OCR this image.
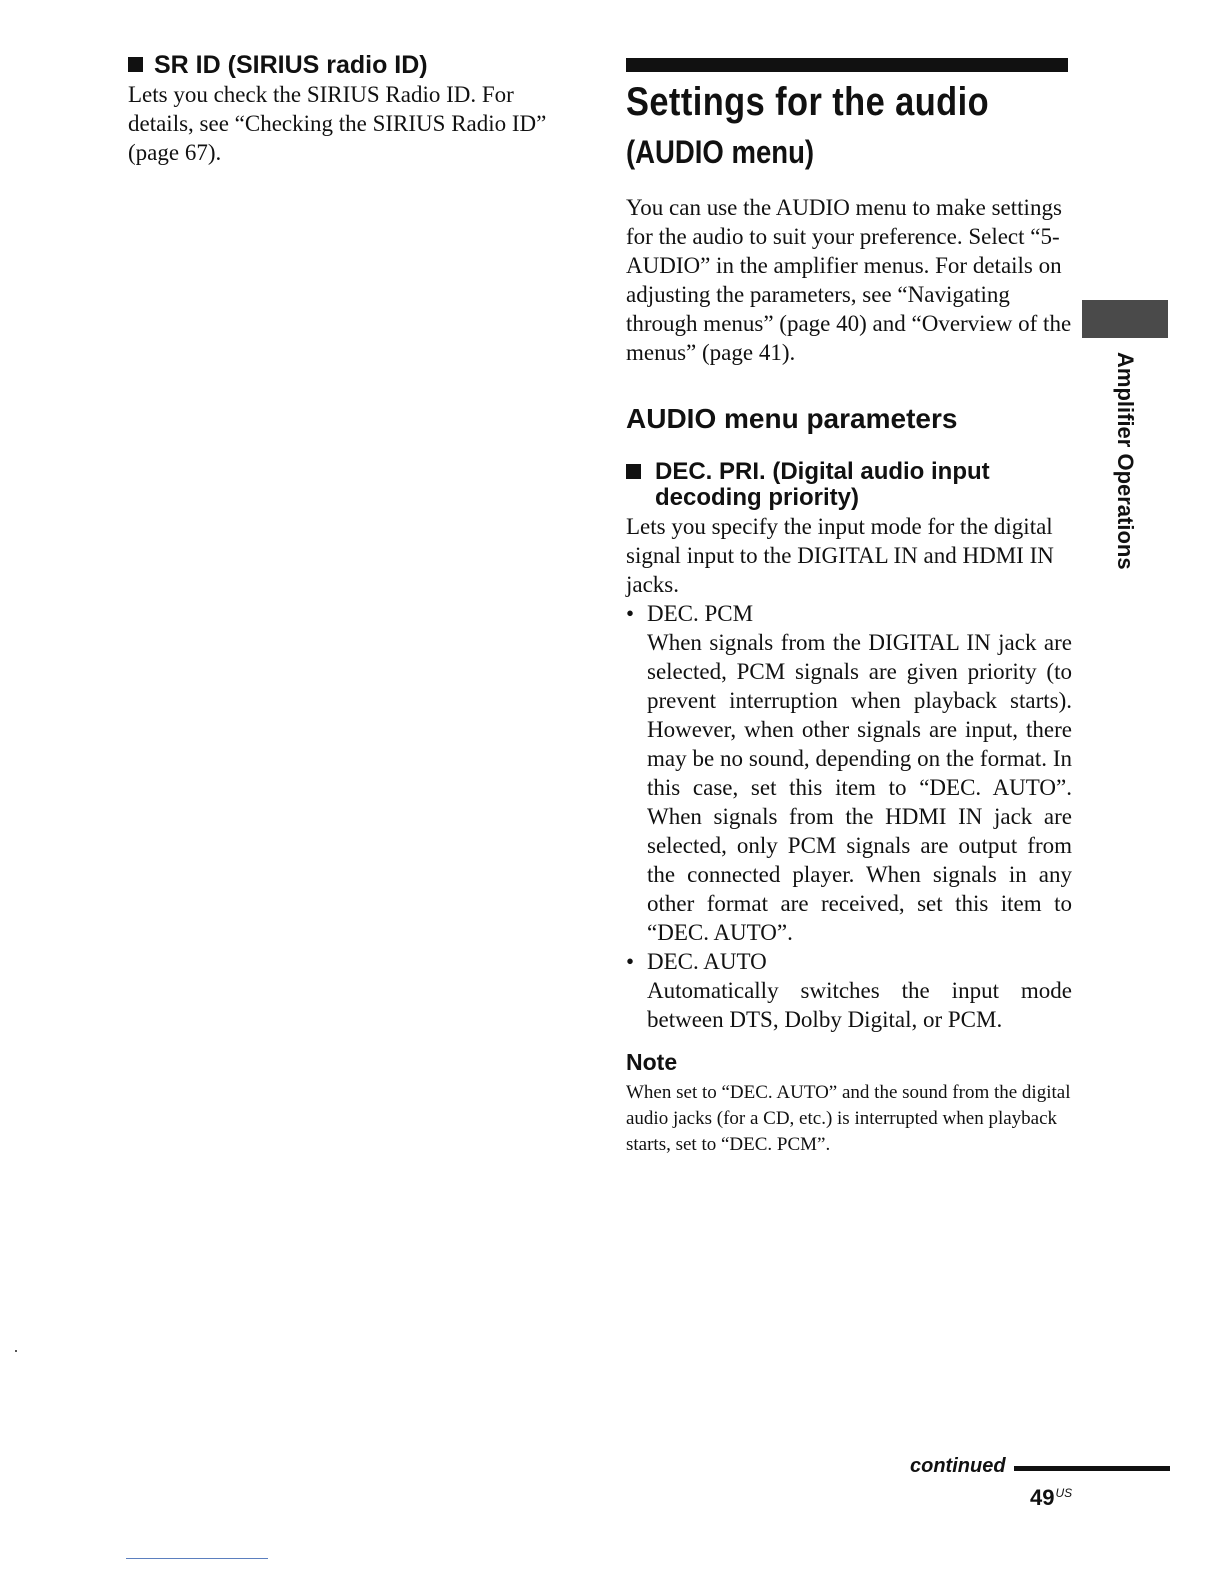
SR ID (SIRIUS radio ID)

Lets you check the SIRIUS Radio ID. For details, see “Checking the SIRIUS Radio ID” (page 67).

Settings for the audio
(AUDIO menu)
You can use the AUDIO menu to make settings for the audio to suit your preference. Select “5-AUDIO” in the amplifier menus. For details on adjusting the parameters, see “Navigating through menus” (page 40) and “Overview of the menus” (page 41).
AUDIO menu parameters
DEC. PRI. (Digital audio input decoding priority)
Lets you specify the input mode for the digital signal input to the DIGITAL IN and HDMI IN jacks.
• DEC. PCM
When signals from the DIGITAL IN jack are selected, PCM signals are given priority (to prevent interruption when playback starts). However, when other signals are input, there may be no sound, depending on the format. In this case, set this item to “DEC. AUTO”. When signals from the HDMI IN jack are selected, only PCM signals are output from the connected player. When signals in any other format are received, set this item to “DEC. AUTO”.
• DEC. AUTO
Automatically switches the input mode between DTS, Dolby Digital, or PCM.
Note
When set to “DEC. AUTO” and the sound from the digital audio jacks (for a CD, etc.) is interrupted when playback starts, set to “DEC. PCM”.
Amplifier Operations
continued
$49^{US}$
